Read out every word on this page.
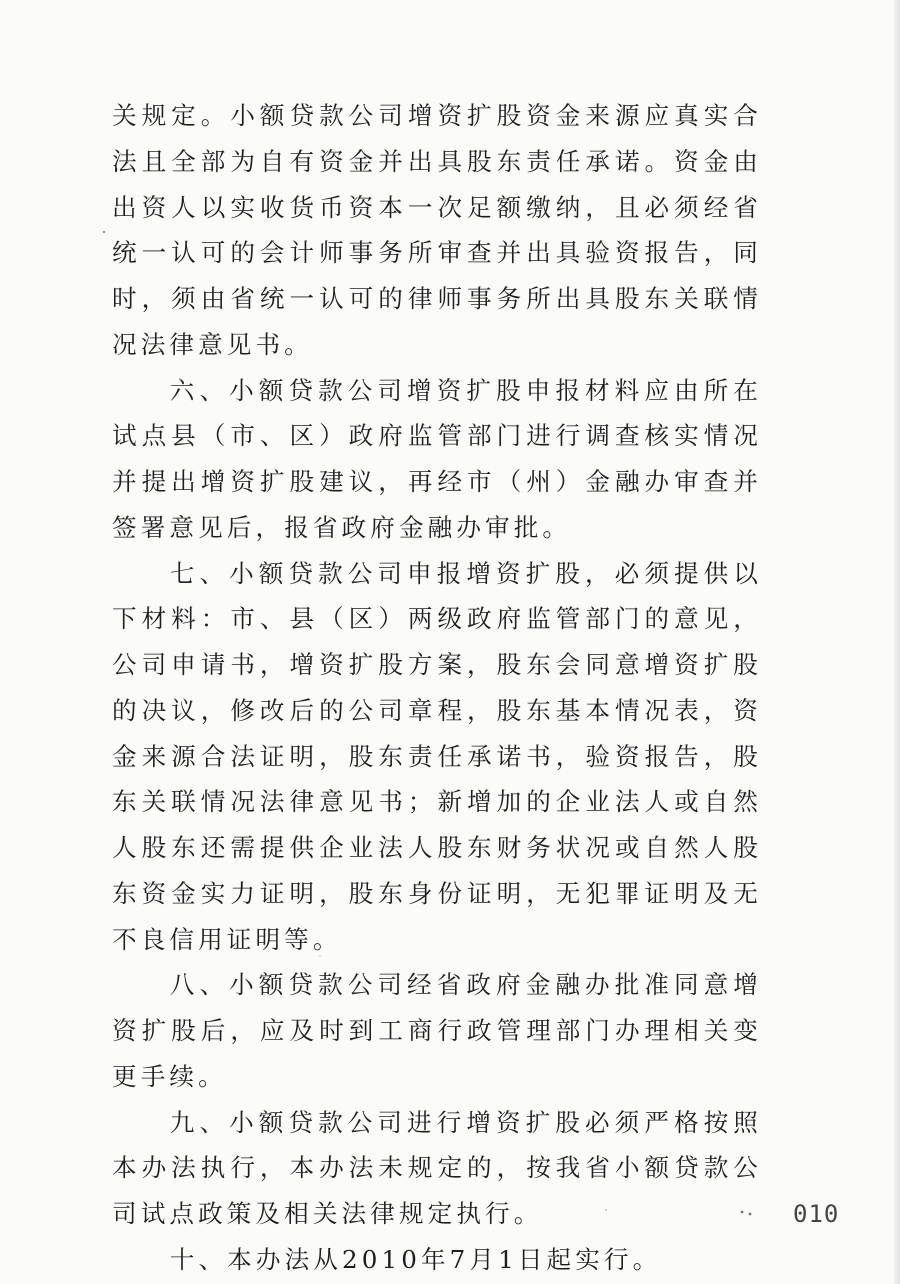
关规定。小额贷款公司增资扩股资金来源应真实合法且全部为自有资金并出具股东责任承诺。资金由出资人以实收货币资本一次足额缴纳，且必须经省统一认可的会计师事务所审查并出具验资报告，同时，须由省统一认可的律师事务所出具股东关联情况法律意见书。

六、小额贷款公司增资扩股申报材料应由所在试点县（市、区）政府监管部门进行调查核实情况并提出增资扩股建议，再经市（州）金融办审查并签署意见后，报省政府金融办审批。

七、小额贷款公司申报增资扩股，必须提供以下材料：市、县（区）两级政府监管部门的意见，公司申请书，增资扩股方案，股东会同意增资扩股的决议，修改后的公司章程，股东基本情况表，资金来源合法证明，股东责任承诺书，验资报告，股东关联情况法律意见书；新增加的企业法人或自然人股东还需提供企业法人股东财务状况或自然人股东资金实力证明，股东身份证明，无犯罪证明及无不良信用证明等。

八、小额贷款公司经省政府金融办批准同意增资扩股后，应及时到工商行政管理部门办理相关变更手续。

九、小额贷款公司进行增资扩股必须严格按照本办法执行，本办法未规定的，按我省小额贷款公司试点政策及相关法律规定执行。

十、本办法从2010年7月1日起实行。

010
